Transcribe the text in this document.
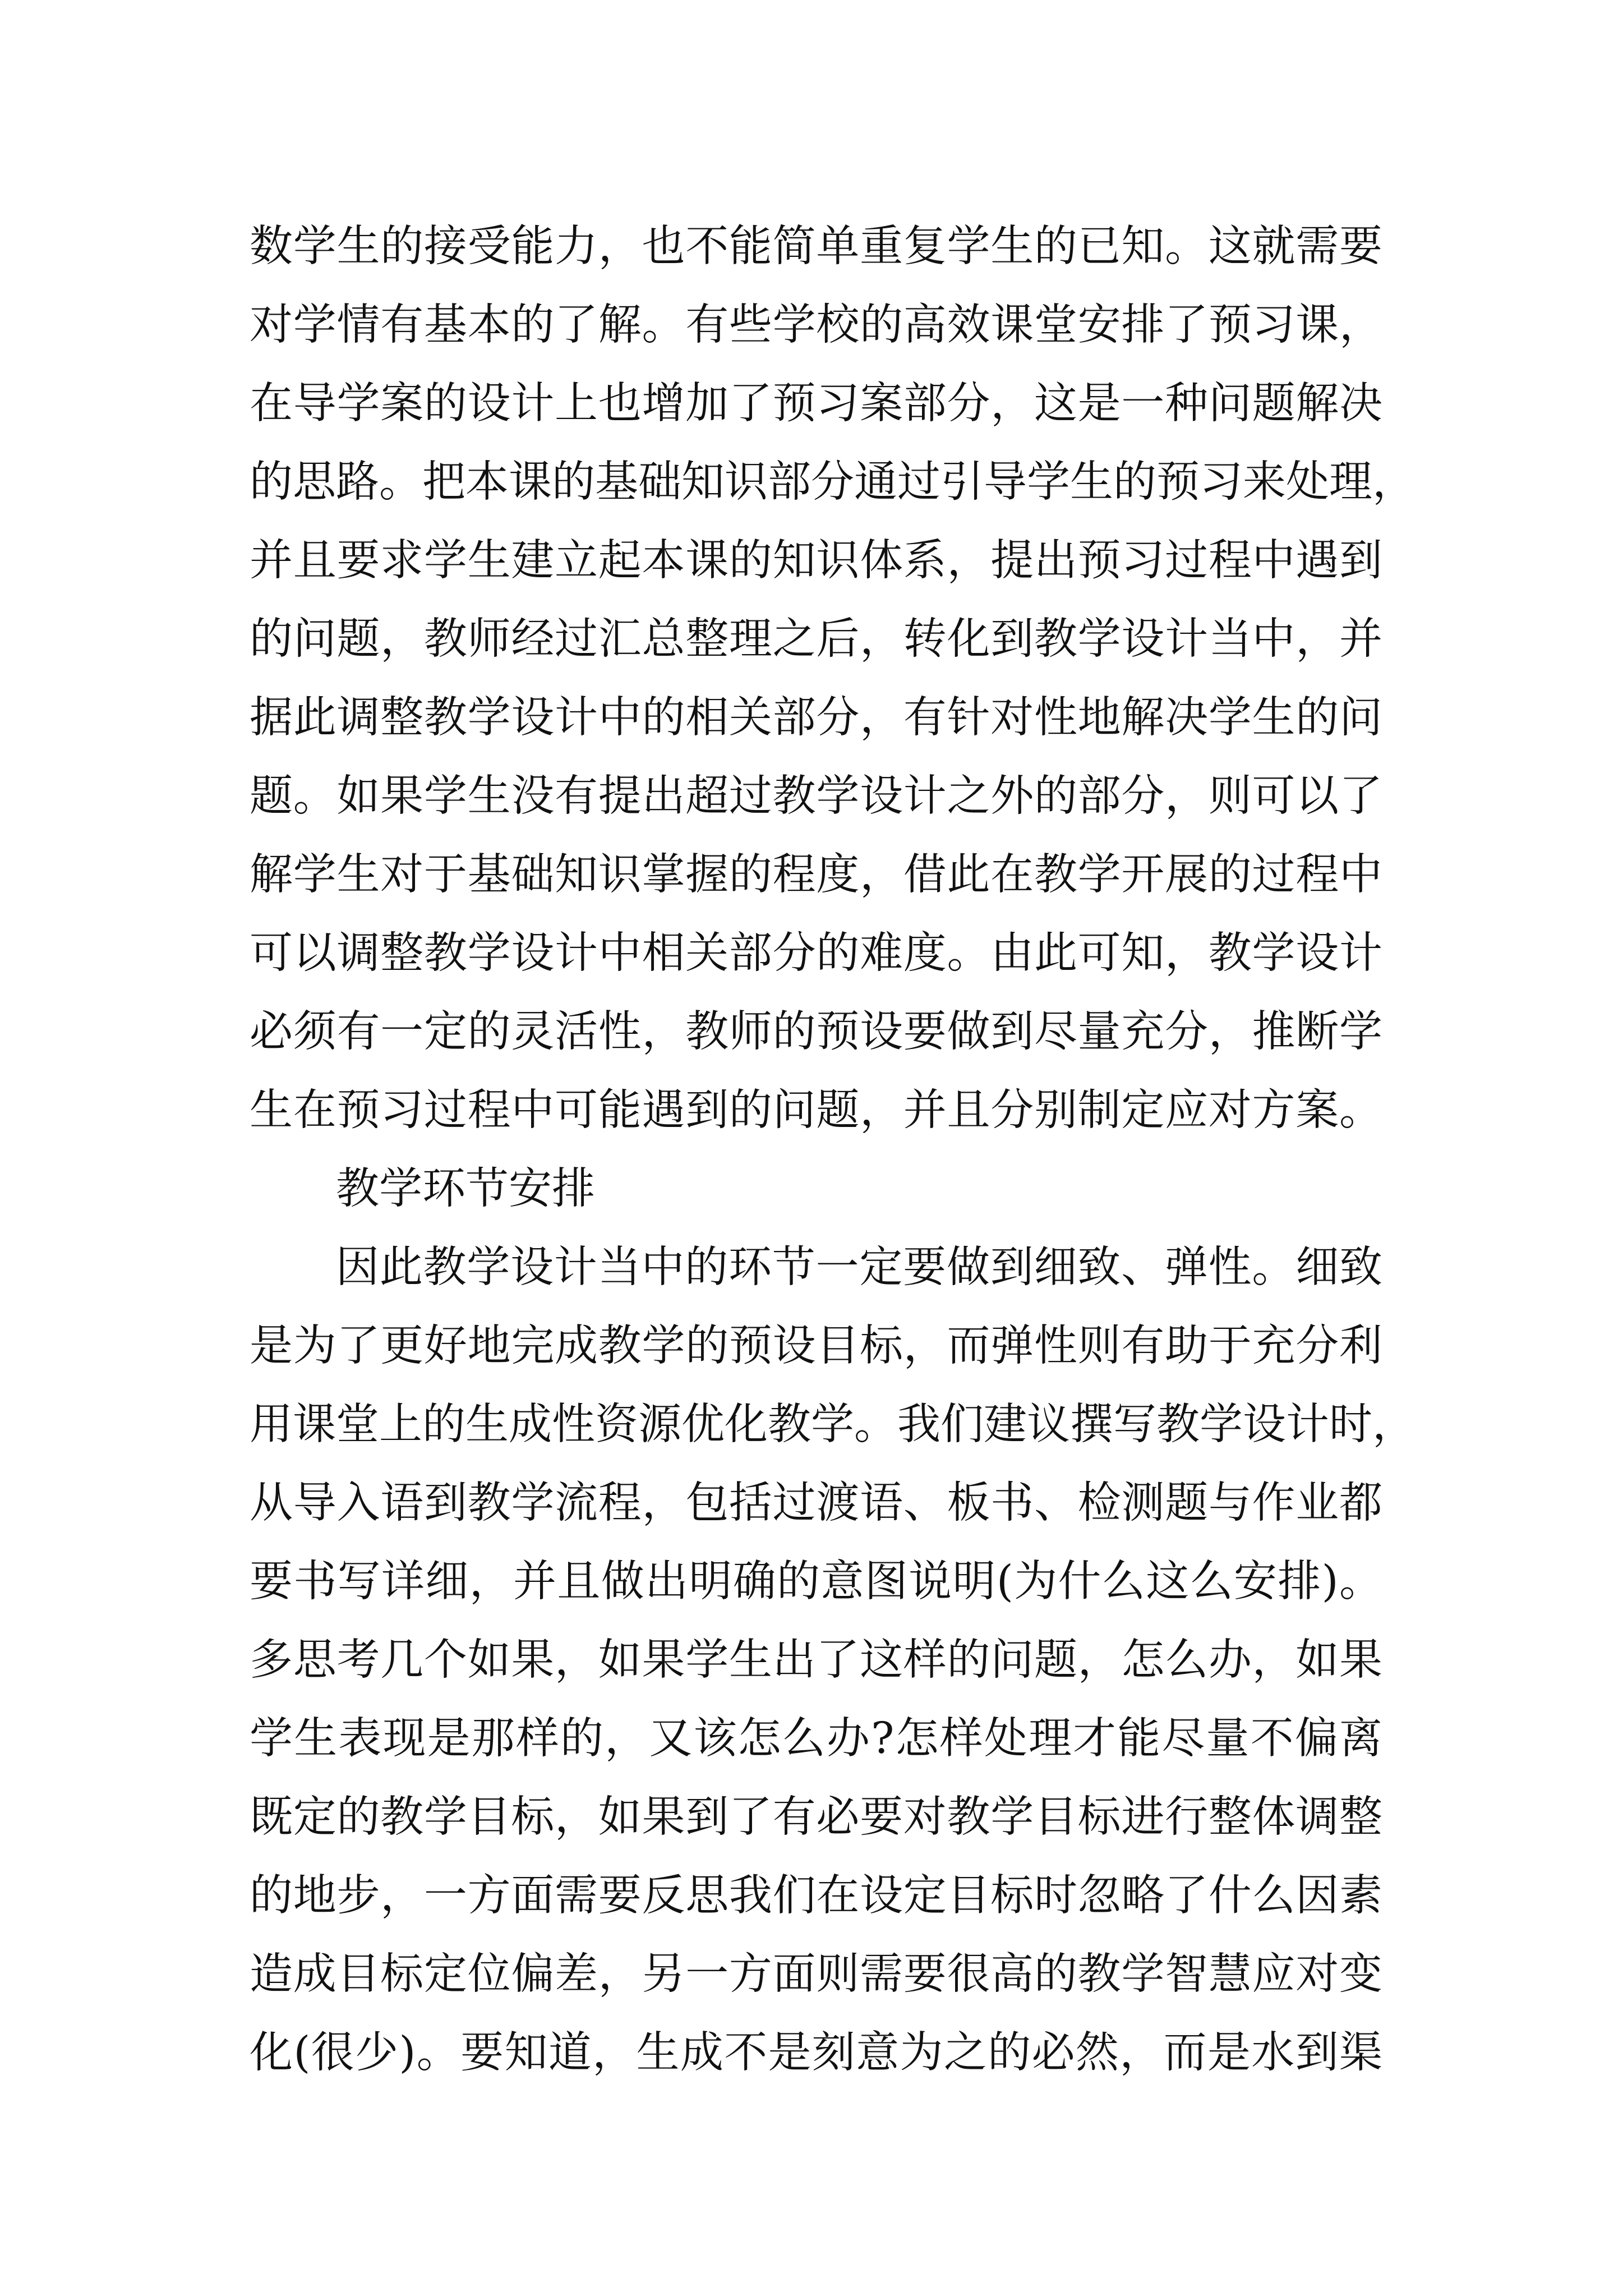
数学生的接受能力，也不能简单重复学生的已知。这就需要
对学情有基本的了解。有些学校的高效课堂安排了预习课，
在导学案的设计上也增加了预习案部分，这是一种问题解决
的思路。把本课的基础知识部分通过引导学生的预习来处理，
并且要求学生建立起本课的知识体系，提出预习过程中遇到
的问题，教师经过汇总整理之后，转化到教学设计当中，并
据此调整教学设计中的相关部分，有针对性地解决学生的问
题。如果学生没有提出超过教学设计之外的部分，则可以了
解学生对于基础知识掌握的程度，借此在教学开展的过程中
可以调整教学设计中相关部分的难度。由此可知，教学设计
必须有一定的灵活性，教师的预设要做到尽量充分，推断学
生在预习过程中可能遇到的问题，并且分别制定应对方案。
教学环节安排
因此教学设计当中的环节一定要做到细致、弹性。细致
是为了更好地完成教学的预设目标，而弹性则有助于充分利
用课堂上的生成性资源优化教学。我们建议撰写教学设计时，
从导入语到教学流程，包括过渡语、板书、检测题与作业都
要书写详细，并且做出明确的意图说明(为什么这么安排)。
多思考几个如果，如果学生出了这样的问题，怎么办，如果
学生表现是那样的，又该怎么办?怎样处理才能尽量不偏离
既定的教学目标，如果到了有必要对教学目标进行整体调整
的地步，一方面需要反思我们在设定目标时忽略了什么因素
造成目标定位偏差，另一方面则需要很高的教学智慧应对变
化(很少)。要知道，生成不是刻意为之的必然，而是水到渠
